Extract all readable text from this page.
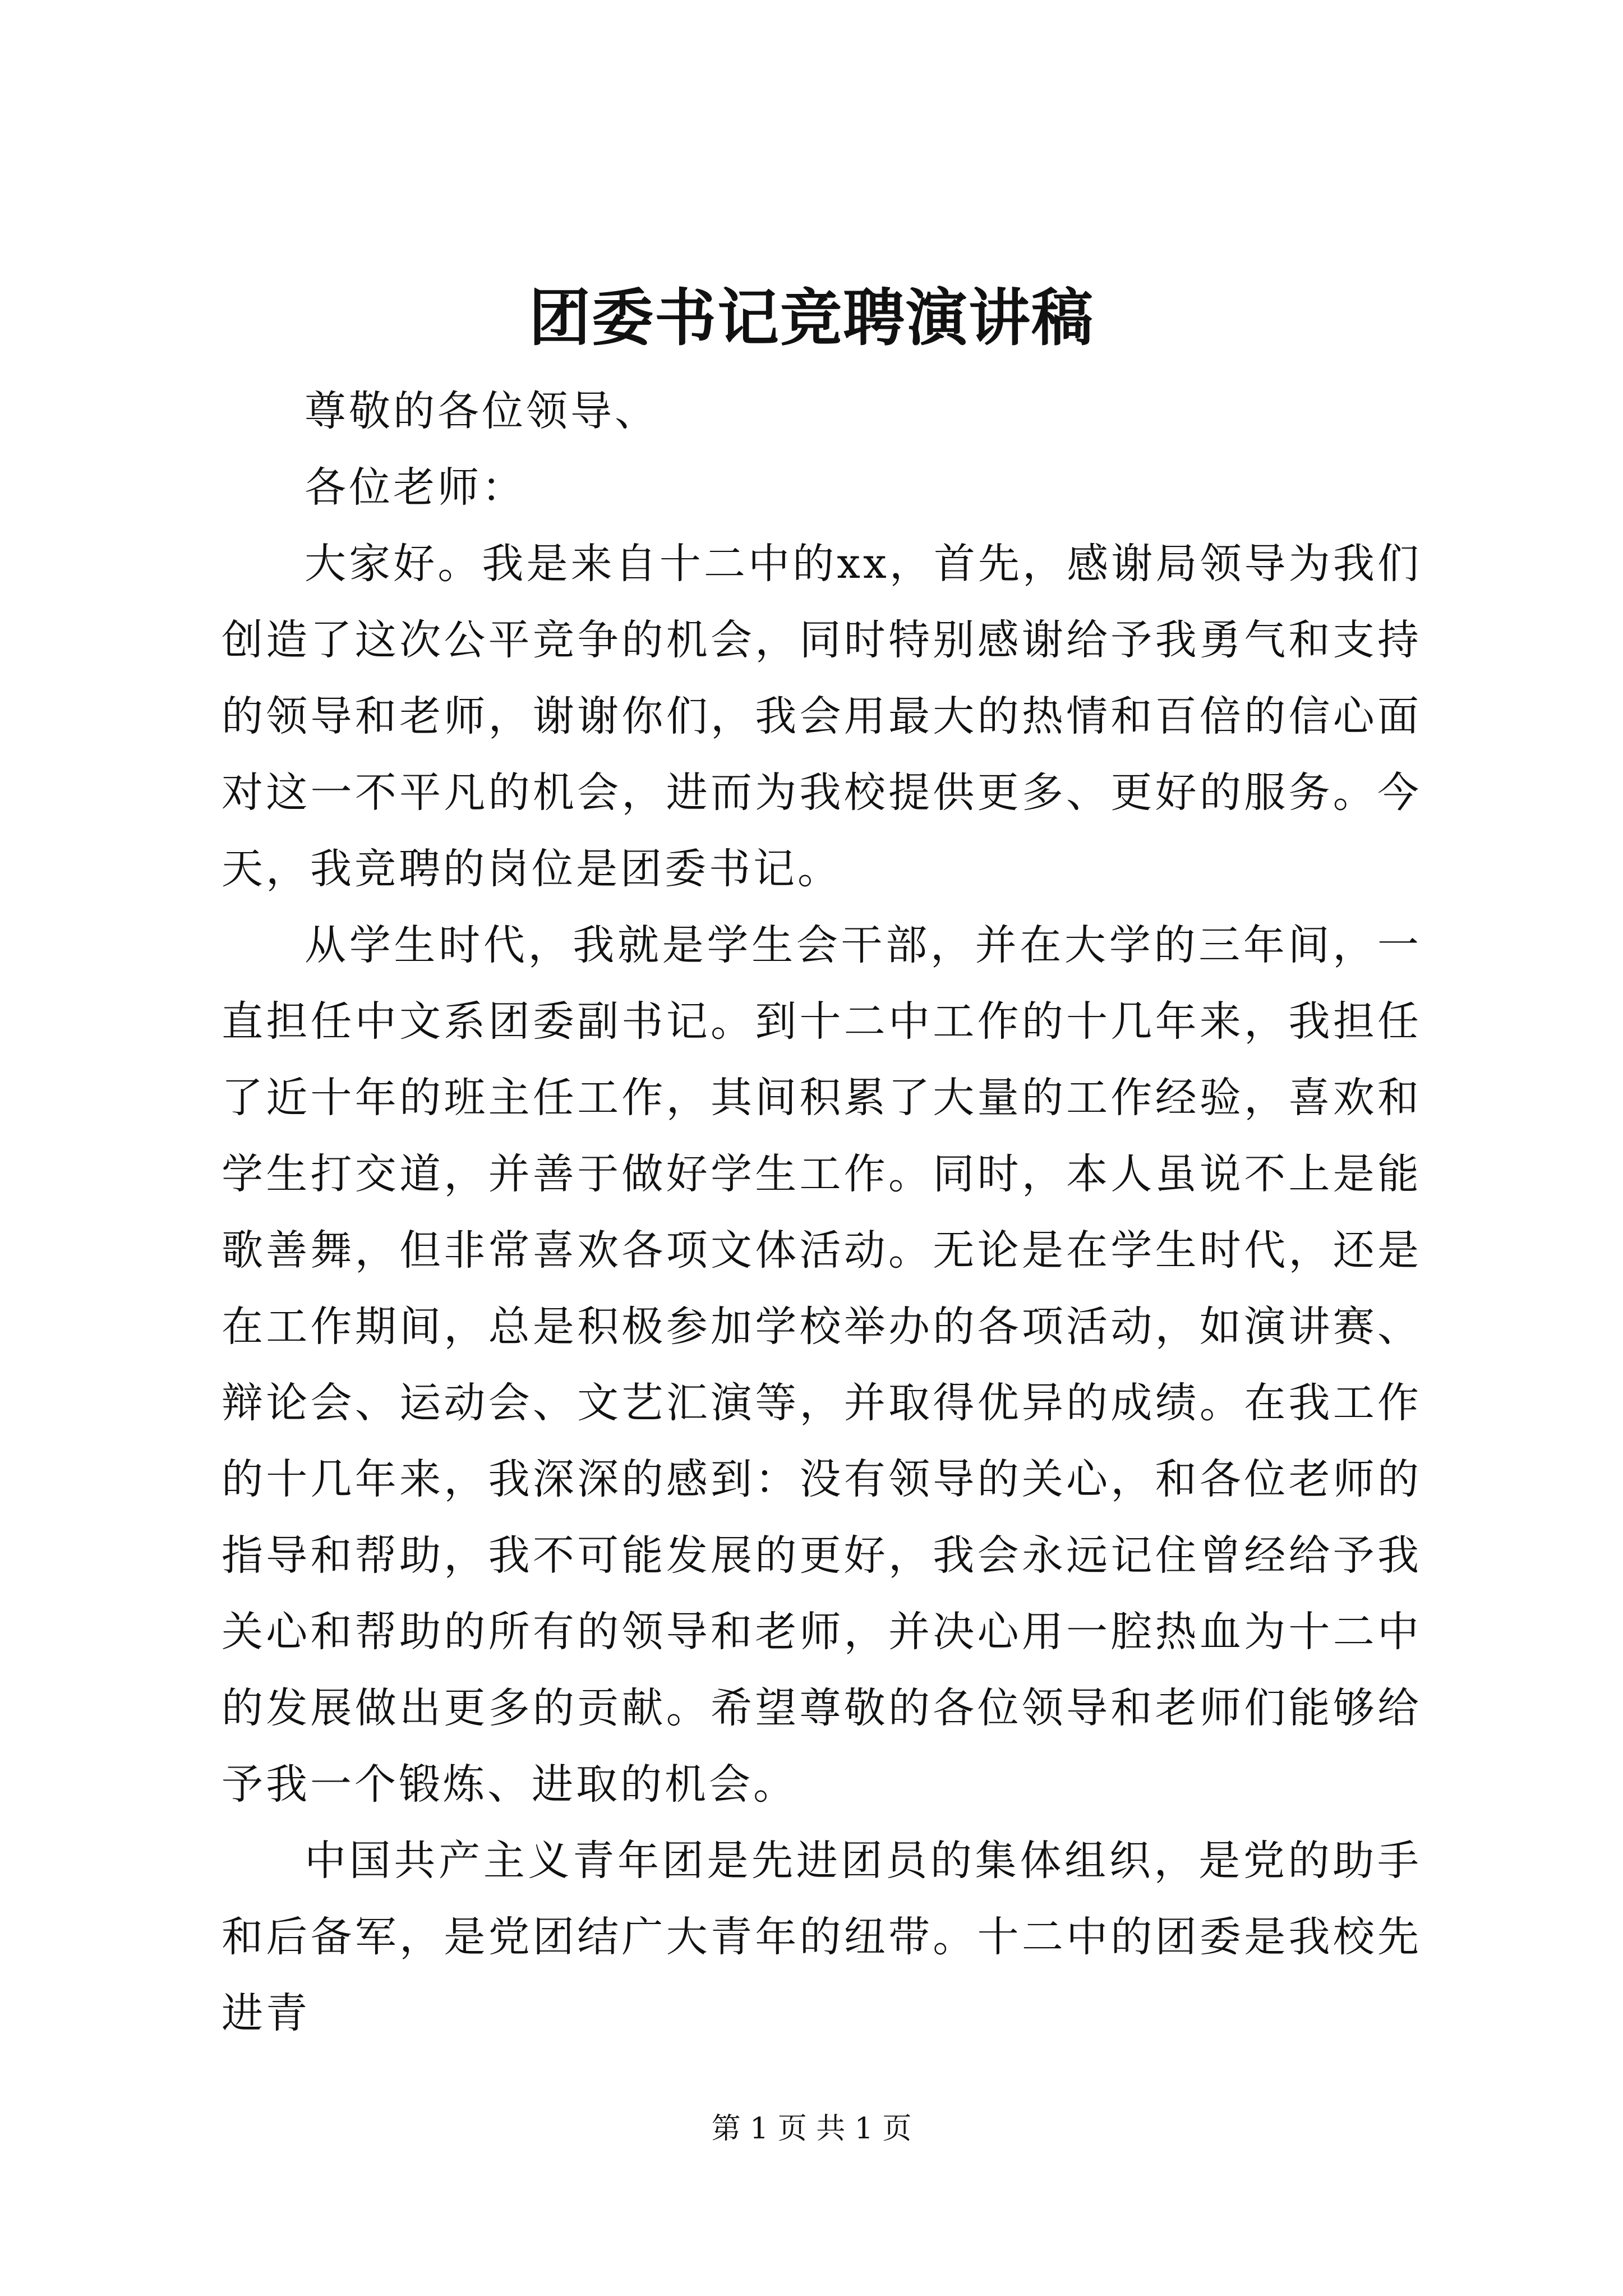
团委书记竞聘演讲稿

尊敬的各位领导、

各位老师：

大家好。我是来自十二中的xx，首先，感谢局领导为我们创造了这次公平竞争的机会，同时特别感谢给予我勇气和支持的领导和老师，谢谢你们，我会用最大的热情和百倍的信心面对这一不平凡的机会，进而为我校提供更多、更好的服务。今天，我竞聘的岗位是团委书记。

从学生时代，我就是学生会干部，并在大学的三年间，一直担任中文系团委副书记。到十二中工作的十几年来，我担任了近十年的班主任工作，其间积累了大量的工作经验，喜欢和学生打交道，并善于做好学生工作。同时，本人虽说不上是能歌善舞，但非常喜欢各项文体活动。无论是在学生时代，还是在工作期间，总是积极参加学校举办的各项活动，如演讲赛、辩论会、运动会、文艺汇演等，并取得优异的成绩。在我工作的十几年来，我深深的感到：没有领导的关心，和各位老师的指导和帮助，我不可能发展的更好，我会永远记住曾经给予我关心和帮助的所有的领导和老师，并决心用一腔热血为十二中的发展做出更多的贡献。希望尊敬的各位领导和老师们能够给予我一个锻炼、进取的机会。

中国共产主义青年团是先进团员的集体组织，是党的助手和后备军，是党团结广大青年的纽带。十二中的团委是我校先进青

第 1 页 共 1 页
